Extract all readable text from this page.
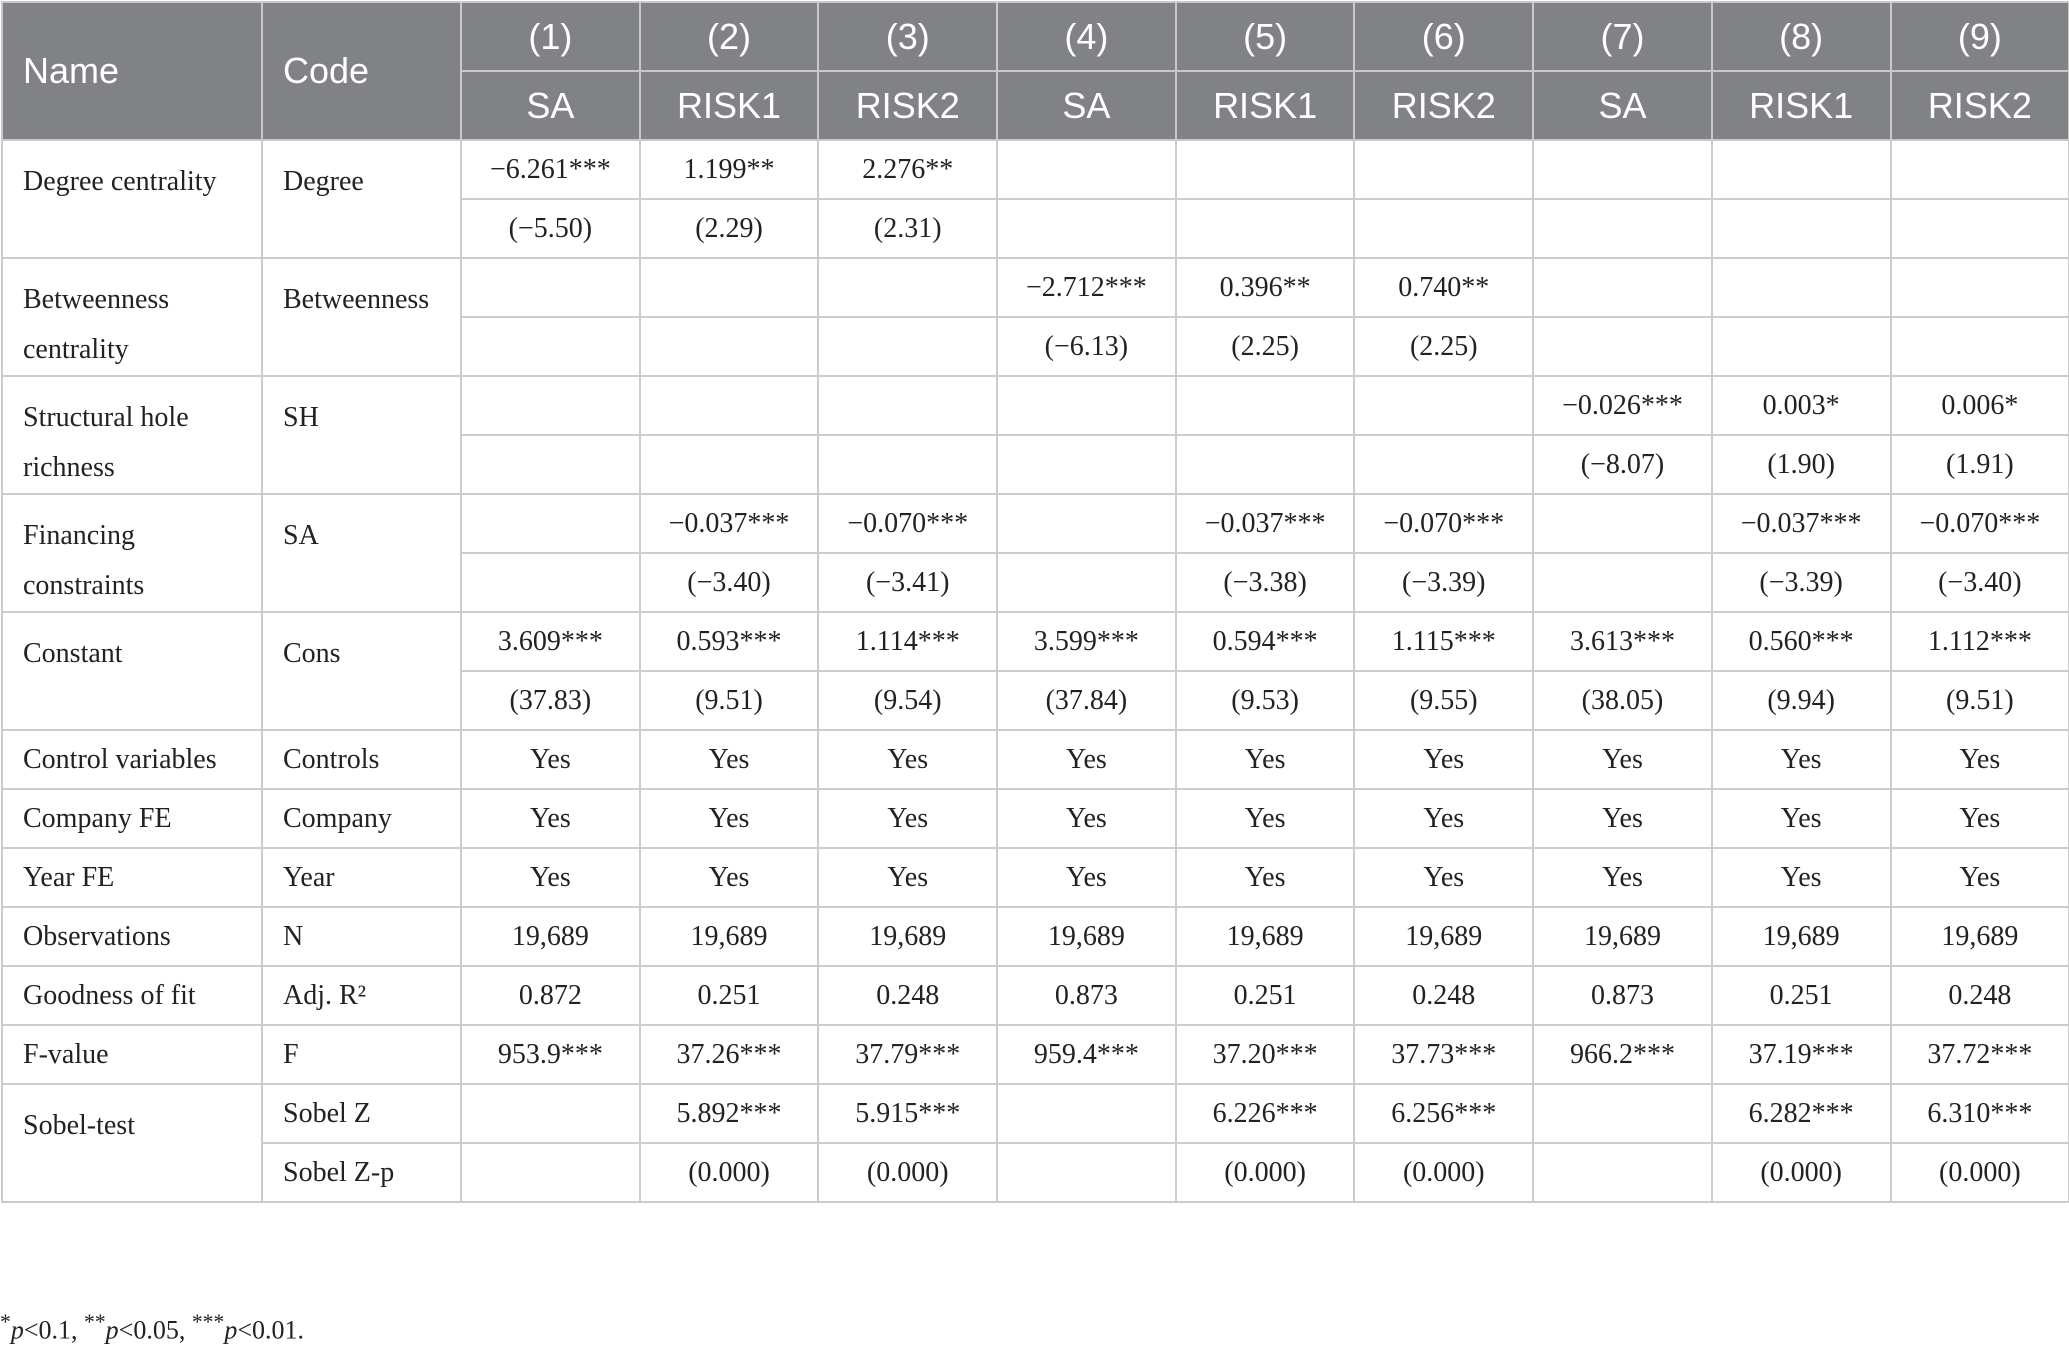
Name	Code	(1)	(2)	(3)	(4)	(5)	(6)	(7)	(8)	(9)
		SA	RISK1	RISK2	SA	RISK1	RISK2	SA	RISK1	RISK2
Degree centrality	Degree	−6.261***	1.199**	2.276**						
		(−5.50)	(2.29)	(2.31)						
Betweenness centrality	Betweenness				−2.712***	0.396**	0.740**			
					(−6.13)	(2.25)	(2.25)			
Structural hole richness	SH							−0.026***	0.003*	0.006*
								(−8.07)	(1.90)	(1.91)
Financing constraints	SA		−0.037***	−0.070***		−0.037***	−0.070***		−0.037***	−0.070***
			(−3.40)	(−3.41)		(−3.38)	(−3.39)		(−3.39)	(−3.40)
Constant	Cons	3.609***	0.593***	1.114***	3.599***	0.594***	1.115***	3.613***	0.560***	1.112***
		(37.83)	(9.51)	(9.54)	(37.84)	(9.53)	(9.55)	(38.05)	(9.94)	(9.51)
Control variables	Controls	Yes	Yes	Yes	Yes	Yes	Yes	Yes	Yes	Yes
Company FE	Company	Yes	Yes	Yes	Yes	Yes	Yes	Yes	Yes	Yes
Year FE	Year	Yes	Yes	Yes	Yes	Yes	Yes	Yes	Yes	Yes
Observations	N	19,689	19,689	19,689	19,689	19,689	19,689	19,689	19,689	19,689
Goodness of fit	Adj. R²	0.872	0.251	0.248	0.873	0.251	0.248	0.873	0.251	0.248
F-value	F	953.9***	37.26***	37.79***	959.4***	37.20***	37.73***	966.2***	37.19***	37.72***
Sobel-test	Sobel Z		5.892***	5.915***		6.226***	6.256***		6.282***	6.310***
	Sobel Z-p		(0.000)	(0.000)		(0.000)	(0.000)		(0.000)	(0.000)
*p<0.1, **p<0.05, ***p<0.01.
